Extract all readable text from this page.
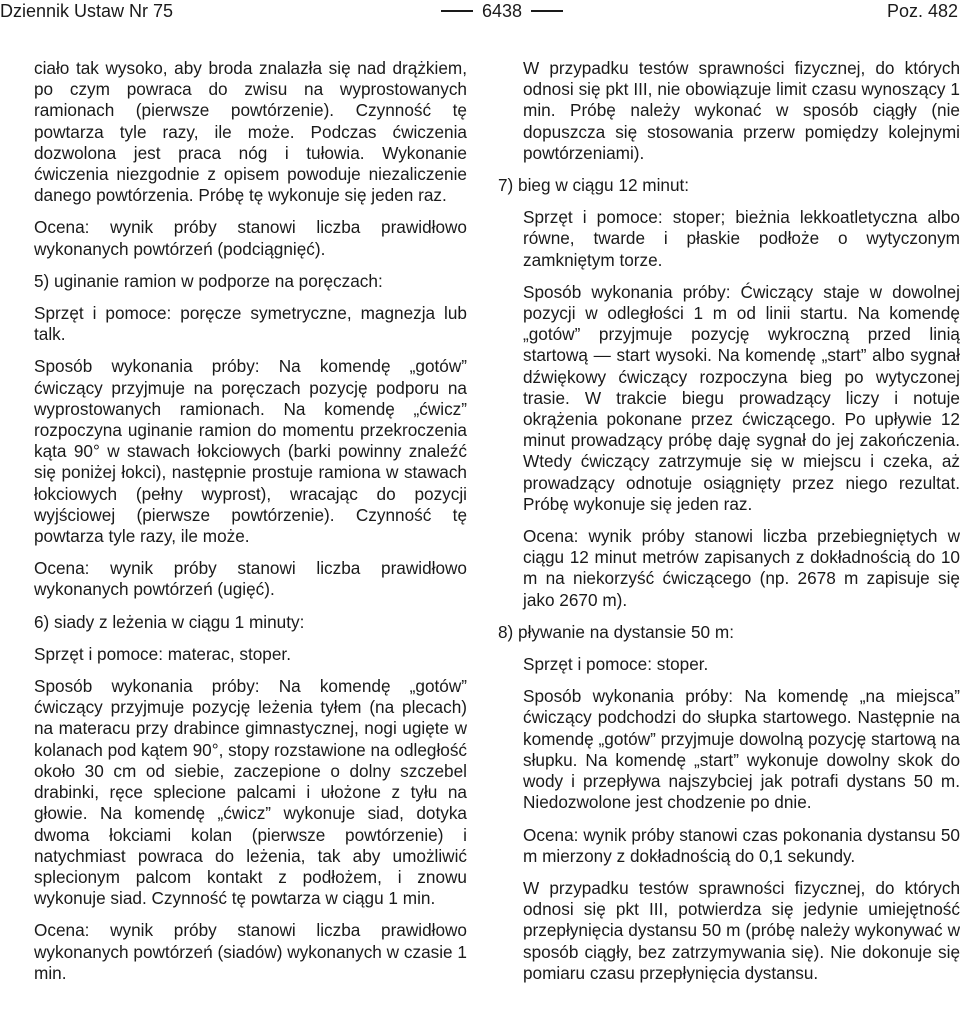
Dziennik Ustaw Nr 75	6438	Poz. 482

ciało tak wysoko, aby broda znalazła się nad drążkiem, po czym powraca do zwisu na wyprostowanych ramionach (pierwsze powtórzenie). Czynność tę powtarza tyle razy, ile może. Podczas ćwiczenia dozwolona jest praca nóg i tułowia. Wykonanie ćwiczenia niezgodnie z opisem powoduje niezaliczenie danego powtórzenia. Próbę tę wykonuje się jeden raz.

Ocena: wynik próby stanowi liczba prawidłowo wykonanych powtórzeń (podciągnięć).

5) uginanie ramion w podporze na poręczach:

Sprzęt i pomoce: poręcze symetryczne, magnezja lub talk.

Sposób wykonania próby: Na komendę „gotów” ćwiczący przyjmuje na poręczach pozycję podporu na wyprostowanych ramionach. Na komendę „ćwicz” rozpoczyna uginanie ramion do momentu przekroczenia kąta 90° w stawach łokciowych (barki powinny znaleźć się poniżej łokci), następnie prostuje ramiona w stawach łokciowych (pełny wyprost), wracając do pozycji wyjściowej (pierwsze powtórzenie). Czynność tę powtarza tyle razy, ile może.

Ocena: wynik próby stanowi liczba prawidłowo wykonanych powtórzeń (ugięć).

6) siady z leżenia w ciągu 1 minuty:

Sprzęt i pomoce: materac, stoper.

Sposób wykonania próby: Na komendę „gotów” ćwiczący przyjmuje pozycję leżenia tyłem (na plecach) na materacu przy drabince gimnastycznej, nogi ugięte w kolanach pod kątem 90°, stopy rozstawione na odległość około 30 cm od siebie, zaczepione o dolny szczebel drabinki, ręce splecione palcami i ułożone z tyłu na głowie. Na komendę „ćwicz” wykonuje siad, dotyka dwoma łokciami kolan (pierwsze powtórzenie) i natychmiast powraca do leżenia, tak aby umożliwić splecionym palcom kontakt z podłożem, i znowu wykonuje siad. Czynność tę powtarza w ciągu 1 min.

Ocena: wynik próby stanowi liczba prawidłowo wykonanych powtórzeń (siadów) wykonanych w czasie 1 min.

W przypadku testów sprawności fizycznej, do których odnosi się pkt III, nie obowiązuje limit czasu wynoszący 1 min. Próbę należy wykonać w sposób ciągły (nie dopuszcza się stosowania przerw pomiędzy kolejnymi powtórzeniami).

7) bieg w ciągu 12 minut:

Sprzęt i pomoce: stoper; bieżnia lekkoatletyczna albo równe, twarde i płaskie podłoże o wytyczonym zamkniętym torze.

Sposób wykonania próby: Ćwiczący staje w dowolnej pozycji w odległości 1 m od linii startu. Na komendę „gotów” przyjmuje pozycję wykroczną przed linią startową — start wysoki. Na komendę „start” albo sygnał dźwiękowy ćwiczący rozpoczyna bieg po wytyczonej trasie. W trakcie biegu prowadzący liczy i notuje okrążenia pokonane przez ćwiczącego. Po upływie 12 minut prowadzący próbę daję sygnał do jej zakończenia. Wtedy ćwiczący zatrzymuje się w miejscu i czeka, aż prowadzący odnotuje osiągnięty przez niego rezultat. Próbę wykonuje się jeden raz.

Ocena: wynik próby stanowi liczba przebiegniętych w ciągu 12 minut metrów zapisanych z dokładnością do 10 m na niekorzyść ćwiczącego (np. 2678 m zapisuje się jako 2670 m).

8) pływanie na dystansie 50 m:

Sprzęt i pomoce: stoper.

Sposób wykonania próby: Na komendę „na miejsca” ćwiczący podchodzi do słupka startowego. Następnie na komendę „gotów” przyjmuje dowolną pozycję startową na słupku. Na komendę „start” wykonuje dowolny skok do wody i przepływa najszybciej jak potrafi dystans 50 m. Niedozwolone jest chodzenie po dnie.

Ocena: wynik próby stanowi czas pokonania dystansu 50 m mierzony z dokładnością do 0,1 sekundy.

W przypadku testów sprawności fizycznej, do których odnosi się pkt III, potwierdza się jedynie umiejętność przepłynięcia dystansu 50 m (próbę należy wykonywać w sposób ciągły, bez zatrzymywania się). Nie dokonuje się pomiaru czasu przepłynięcia dystansu.
